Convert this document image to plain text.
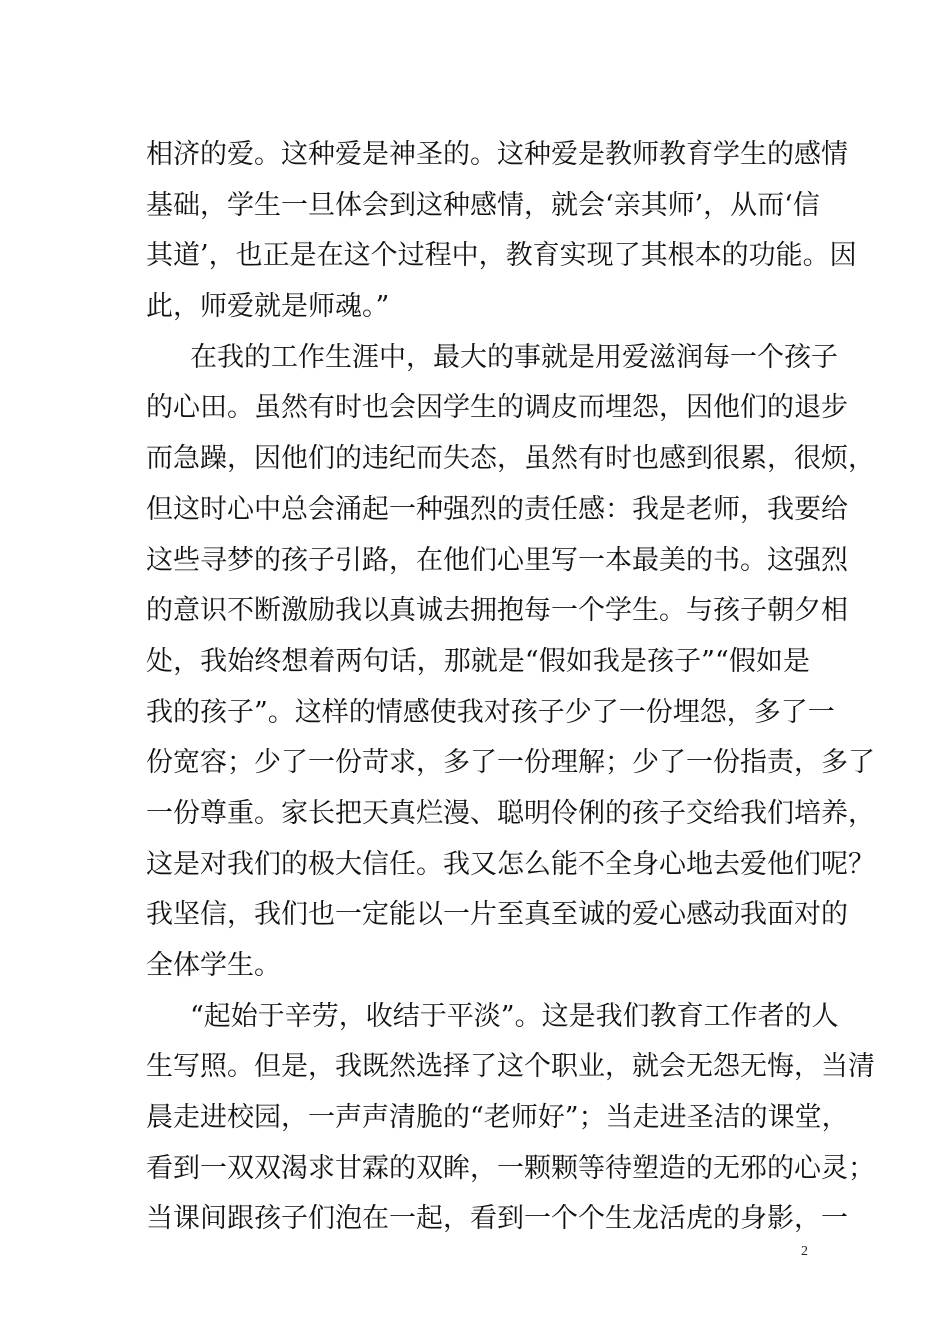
相济的爱。这种爱是神圣的。这种爱是教师教育学生的感情
基础，学生一旦体会到这种感情，就会‘亲其师’，从而‘信
其道’，也正是在这个过程中，教育实现了其根本的功能。因
此，师爱就是师魂。”
在我的工作生涯中，最大的事就是用爱滋润每一个孩子
的心田。虽然有时也会因学生的调皮而埋怨，因他们的退步
而急躁，因他们的违纪而失态，虽然有时也感到很累，很烦，
但这时心中总会涌起一种强烈的责任感：我是老师，我要给
这些寻梦的孩子引路，在他们心里写一本最美的书。这强烈
的意识不断激励我以真诚去拥抱每一个学生。与孩子朝夕相
处，我始终想着两句话，那就是“假如我是孩子”“假如是
我的孩子”。这样的情感使我对孩子少了一份埋怨，多了一
份宽容；少了一份苛求，多了一份理解；少了一份指责，多了
一份尊重。家长把天真烂漫、聪明伶俐的孩子交给我们培养，
这是对我们的极大信任。我又怎么能不全身心地去爱他们呢？
我坚信，我们也一定能以一片至真至诚的爱心感动我面对的
全体学生。
“起始于辛劳，收结于平淡”。这是我们教育工作者的人
生写照。但是，我既然选择了这个职业，就会无怨无悔，当清
晨走进校园，一声声清脆的“老师好”；当走进圣洁的课堂，
看到一双双渴求甘霖的双眸，一颗颗等待塑造的无邪的心灵；
当课间跟孩子们泡在一起，看到一个个生龙活虎的身影，一
2
